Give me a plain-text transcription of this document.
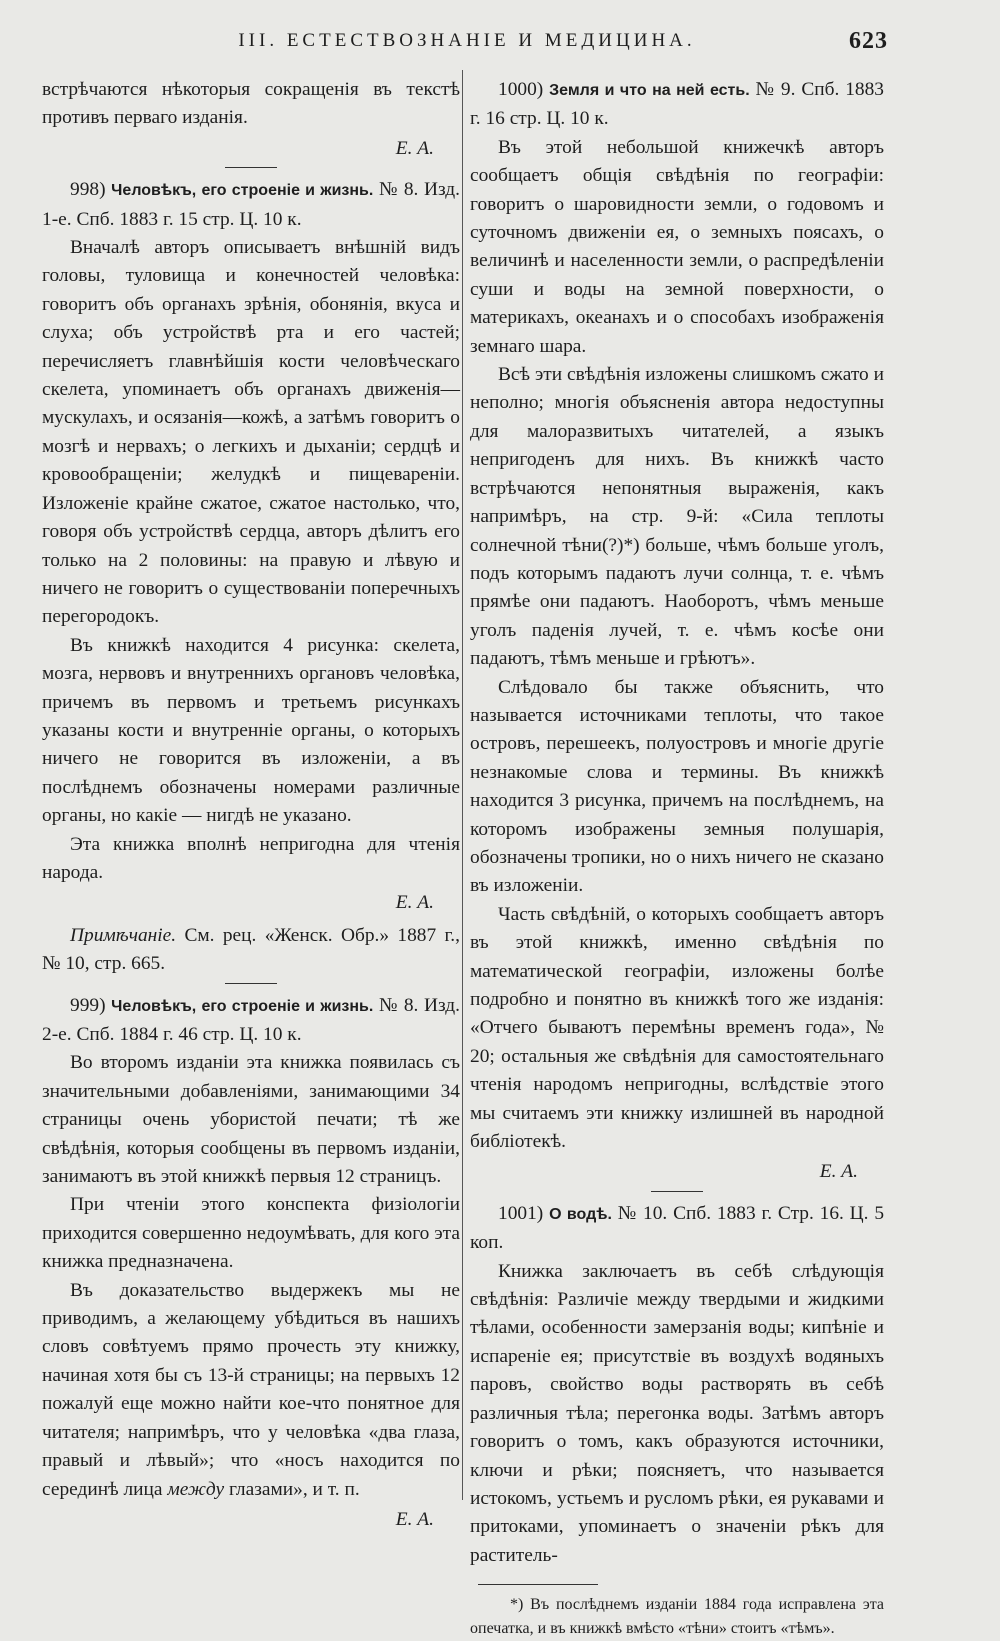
III. ЕСТЕСТВОЗНАНІЕ И МЕДИЦИНА.	623

встрѣчаются нѣкоторыя сокращенія въ текстѣ противъ перваго изданія.

Е. А.

998) Человѣкъ, его строеніе и жизнь. № 8. Изд. 1-е. Спб. 1883 г. 15 стр. Ц. 10 к.

Вначалѣ авторъ описываетъ внѣшній видъ головы, туловища и конечностей человѣка: говоритъ объ органахъ зрѣнія, обонянія, вкуса и слуха; объ устройствѣ рта и его частей; перечисляетъ главнѣйшія кости человѣческаго скелета, упоминаетъ объ органахъ движенія—мускулахъ, и осязанія—кожѣ, а затѣмъ говоритъ о мозгѣ и нервахъ; о легкихъ и дыханіи; сердцѣ и кровообращеніи; желудкѣ и пищевареніи. Изложеніе крайне сжатое, сжатое настолько, что, говоря объ устройствѣ сердца, авторъ дѣлитъ его только на 2 половины: на правую и лѣвую и ничего не говоритъ о существованіи поперечныхъ перегородокъ.

Въ книжкѣ находится 4 рисунка: скелета, мозга, нервовъ и внутреннихъ органовъ человѣка, причемъ въ первомъ и третьемъ рисункахъ указаны кости и внутренніе органы, о которыхъ ничего не говорится въ изложеніи, а въ послѣднемъ обозначены номерами различные органы, но какіе — нигдѣ не указано.

Эта книжка вполнѣ непригодна для чтенія народа.

Е. А.

Примѣчаніе. См. рец. «Женск. Обр.» 1887 г., № 10, стр. 665.

999) Человѣкъ, его строеніе и жизнь. № 8. Изд. 2-е. Спб. 1884 г. 46 стр. Ц. 10 к.

Во второмъ изданіи эта книжка появилась съ значительными добавленіями, занимающими 34 страницы очень убористой печати; тѣ же свѣдѣнія, которыя сообщены въ первомъ изданіи, занимаютъ въ этой книжкѣ первыя 12 страницъ.

При чтеніи этого конспекта физіологіи приходится совершенно недоумѣвать, для кого эта книжка предназначена.

Въ доказательство выдержекъ мы не приводимъ, а желающему убѣдиться въ нашихъ словъ совѣтуемъ прямо прочесть эту книжку, начиная хотя бы съ 13-й страницы; на первыхъ 12 пожалуй еще можно найти кое-что понятное для читателя; напримѣръ, что у человѣка «два глаза, правый и лѣвый»; что «носъ находится по серединѣ лица между глазами», и т. п.

Е. А.

1000) Земля и что на ней есть. № 9. Спб. 1883 г. 16 стр. Ц. 10 к.

Въ этой небольшой книжечкѣ авторъ сообщаетъ общія свѣдѣнія по географіи: говоритъ о шаровидности земли, о годовомъ и суточномъ движеніи ея, о земныхъ поясахъ, о величинѣ и населенности земли, о распредѣленіи суши и воды на земной поверхности, о материкахъ, океанахъ и о способахъ изображенія земнаго шара.

Всѣ эти свѣдѣнія изложены слишкомъ сжато и неполно; многія объясненія автора недоступны для малоразвитыхъ читателей, а языкъ непригоденъ для нихъ. Въ книжкѣ часто встрѣчаются непонятныя выраженія, какъ напримѣръ, на стр. 9-й: «Сила теплоты солнечной тѣни(?)*) больше, чѣмъ больше уголъ, подъ которымъ падаютъ лучи солнца, т. е. чѣмъ прямѣе они падаютъ. Наоборотъ, чѣмъ меньше уголъ паденія лучей, т. е. чѣмъ косѣе они падаютъ, тѣмъ меньше и грѣютъ».

Слѣдовало бы также объяснить, что называется источниками теплоты, что такое островъ, перешеекъ, полуостровъ и многіе другіе незнакомые слова и термины. Въ книжкѣ находится 3 рисунка, причемъ на послѣднемъ, на которомъ изображены земныя полушарія, обозначены тропики, но о нихъ ничего не сказано въ изложеніи.

Часть свѣдѣній, о которыхъ сообщаетъ авторъ въ этой книжкѣ, именно свѣдѣнія по математической географіи, изложены болѣе подробно и понятно въ книжкѣ того же изданія: «Отчего бываютъ перемѣны временъ года», № 20; остальныя же свѣдѣнія для самостоятельнаго чтенія народомъ непригодны, вслѣдствіе этого мы считаемъ эти книжку излишней въ народной библіотекѣ.

Е. А.

1001) О водѣ. № 10. Спб. 1883 г. Стр. 16. Ц. 5 коп.

Книжка заключаетъ въ себѣ слѣдующія свѣдѣнія: Различіе между твердыми и жидкими тѣлами, особенности замерзанія воды; кипѣніе и испареніе ея; присутствіе въ воздухѣ водяныхъ паровъ, свойство воды растворять въ себѣ различныя тѣла; перегонка воды. Затѣмъ авторъ говоритъ о томъ, какъ образуются источники, ключи и рѣки; поясняетъ, что называется истокомъ, устьемъ и русломъ рѣки, ея рукавами и притоками, упоминаетъ о значеніи рѣкъ для раститель-

*) Въ послѣднемъ изданіи 1884 года исправлена эта опечатка, и въ книжкѣ вмѣсто «тѣни» стоитъ «тѣмъ».
